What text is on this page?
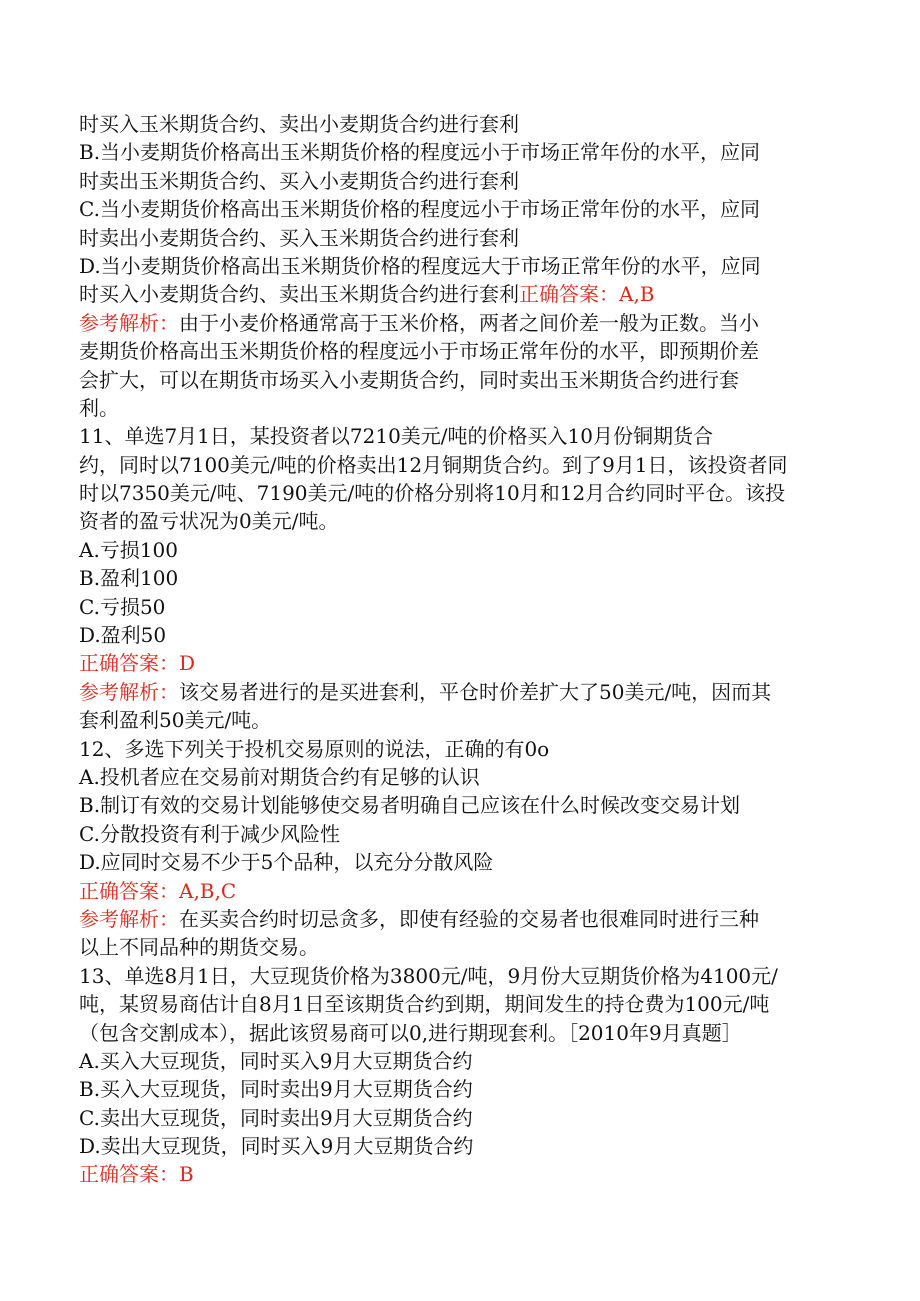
时买入玉米期货合约、卖出小麦期货合约进行套利
B.当小麦期货价格高出玉米期货价格的程度远小于市场正常年份的水平，应同
时卖出玉米期货合约、买入小麦期货合约进行套利
C.当小麦期货价格高出玉米期货价格的程度远小于市场正常年份的水平，应同
时卖出小麦期货合约、买入玉米期货合约进行套利
D.当小麦期货价格高出玉米期货价格的程度远大于市场正常年份的水平，应同
时买入小麦期货合约、卖出玉米期货合约进行套利正确答案：A,B
参考解析：由于小麦价格通常高于玉米价格，两者之间价差一般为正数。当小
麦期货价格高出玉米期货价格的程度远小于市场正常年份的水平，即预期价差
会扩大，可以在期货市场买入小麦期货合约，同时卖出玉米期货合约进行套
利。
11、单选7月1日，某投资者以7210美元/吨的价格买入10月份铜期货合
约，同时以7100美元/吨的价格卖出12月铜期货合约。到了9月1日，该投资者同
时以7350美元/吨、7190美元/吨的价格分别将10月和12月合约同时平仓。该投
资者的盈亏状况为0美元/吨。
A.亏损100
B.盈利100
C.亏损50
D.盈利50
正确答案：D
参考解析：该交易者进行的是买进套利，平仓时价差扩大了50美元/吨，因而其
套利盈利50美元/吨。
12、多选下列关于投机交易原则的说法，正确的有0o
A.投机者应在交易前对期货合约有足够的认识
B.制订有效的交易计划能够使交易者明确自己应该在什么时候改变交易计划
C.分散投资有利于减少风险性
D.应同时交易不少于5个品种，以充分分散风险
正确答案：A,B,C
参考解析：在买卖合约时切忌贪多，即使有经验的交易者也很难同时进行三种
以上不同品种的期货交易。
13、单选8月1日，大豆现货价格为3800元/吨，9月份大豆期货价格为4100元/
吨，某贸易商估计自8月1日至该期货合约到期，期间发生的持仓费为100元/吨
（包含交割成本），据此该贸易商可以0,进行期现套利。［2010年9月真题］
A.买入大豆现货，同时买入9月大豆期货合约
B.买入大豆现货，同时卖出9月大豆期货合约
C.卖出大豆现货，同时卖出9月大豆期货合约
D.卖出大豆现货，同时买入9月大豆期货合约
正确答案：B
